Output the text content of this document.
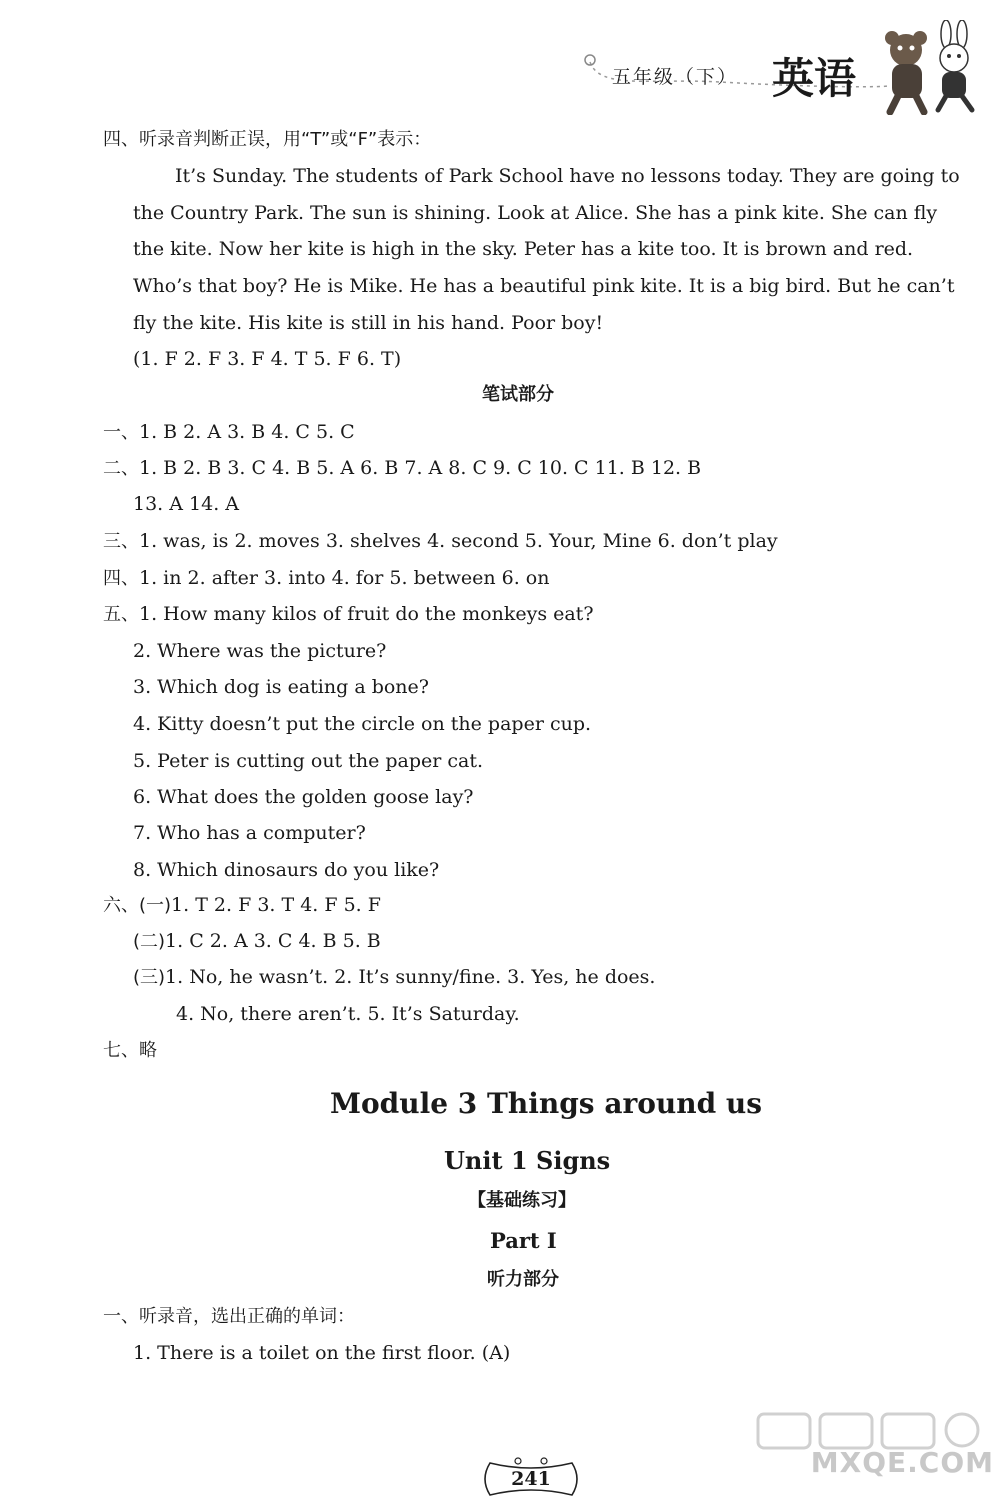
五年级（下） 英语
四、听录音判断正误，用“T”或“F”表示：
It’s Sunday. The students of Park School have no lessons today. They are going to
the Country Park. The sun is shining. Look at Alice. She has a pink kite. She can fly
the kite. Now her kite is high in the sky. Peter has a kite too. It is brown and red.
Who’s that boy? He is Mike. He has a beautiful pink kite. It is a big bird. But he can’t
fly the kite. His kite is still in his hand. Poor boy!
(1. F 2. F 3. F 4. T 5. F 6. T)
笔试部分
一、1. B 2. A 3. B 4. C 5. C
二、1. B 2. B 3. C 4. B 5. A 6. B 7. A 8. C 9. C 10. C 11. B 12. B
13. A 14. A
三、1. was, is 2. moves 3. shelves 4. second 5. Your, Mine 6. don’t play
四、1. in 2. after 3. into 4. for 5. between 6. on
五、1. How many kilos of fruit do the monkeys eat?
2. Where was the picture?
3. Which dog is eating a bone?
4. Kitty doesn’t put the circle on the paper cup.
5. Peter is cutting out the paper cat.
6. What does the golden goose lay?
7. Who has a computer?
8. Which dinosaurs do you like?
六、(一)1. T 2. F 3. T 4. F 5. F
(二)1. C 2. A 3. C 4. B 5. B
(三)1. No, he wasn’t. 2. It’s sunny/fine. 3. Yes, he does.
4. No, there aren’t. 5. It’s Saturday.
七、略
Module 3 Things around us
Unit 1 Signs
【基础练习】
Part Ⅰ
听力部分
一、听录音，选出正确的单词：
1. There is a toilet on the first floor. (A)
241	MXQE.COM
